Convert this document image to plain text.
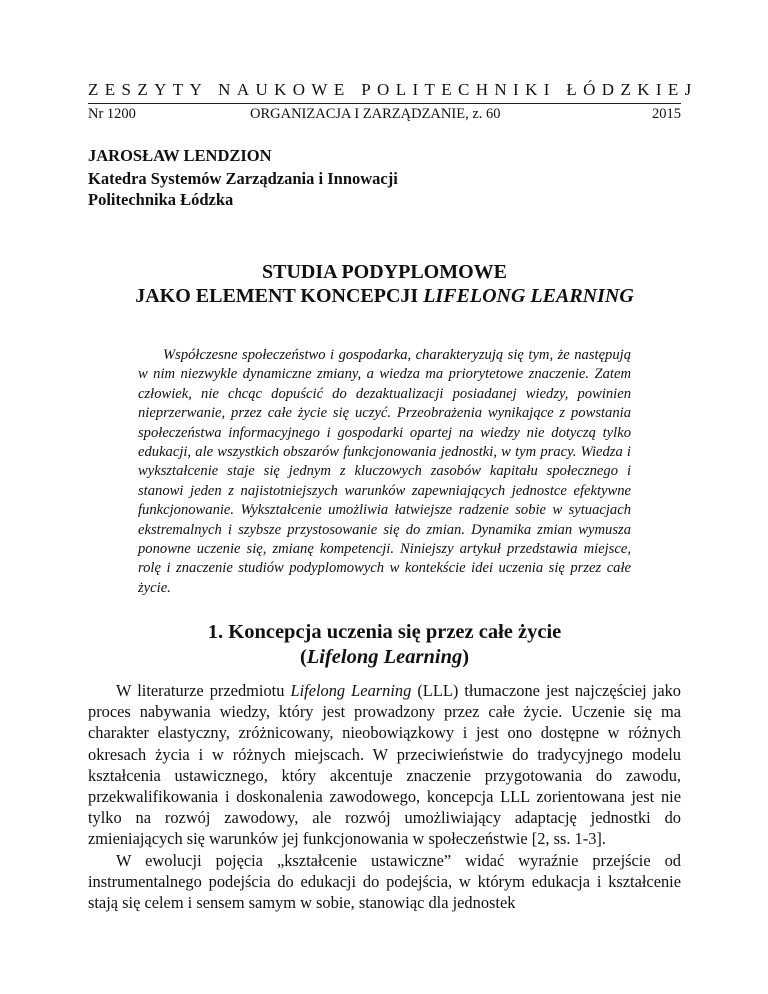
ZESZYTY NAUKOWE POLITECHNIKI ŁÓDZKIEJ
Nr 1200	ORGANIZACJA I ZARZĄDZANIE, z. 60	2015
JAROSŁAW LENDZION
Katedra Systemów Zarządzania i Innowacji
Politechnika Łódzka
STUDIA PODYPLOMOWE
JAKO ELEMENT KONCEPCJI LIFELONG LEARNING

Współczesne społeczeństwo i gospodarka, charakteryzują się tym, że następują w nim niezwykle dynamiczne zmiany, a wiedza ma priorytetowe znaczenie. Zatem człowiek, nie chcąc dopuścić do dezaktualizacji posiadanej wiedzy, powinien nieprzerwanie, przez całe życie się uczyć. Przeobrażenia wynikające z powstania społeczeństwa informacyjnego i gospodarki opartej na wiedzy nie dotyczą tylko edukacji, ale wszystkich obszarów funkcjonowania jednostki, w tym pracy. Wiedza i wykształcenie staje się jednym z kluczowych zasobów kapitału społecznego i stanowi jeden z najistotniejszych warunków zapewniających jednostce efektywne funkcjonowanie. Wykształcenie umożliwia łatwiejsze radzenie sobie w sytuacjach ekstremalnych i szybsze przystosowanie się do zmian. Dynamika zmian wymusza ponowne uczenie się, zmianę kompetencji. Niniejszy artykuł przedstawia miejsce, rolę i znaczenie studiów podyplomowych w kontekście idei uczenia się przez całe życie.

1. Koncepcja uczenia się przez całe życie
(Lifelong Learning)

W literaturze przedmiotu Lifelong Learning (LLL) tłumaczone jest najczęściej jako proces nabywania wiedzy, który jest prowadzony przez całe życie. Uczenie się ma charakter elastyczny, zróżnicowany, nieobowiązkowy i jest ono dostępne w różnych okresach życia i w różnych miejscach. W przeciwieństwie do tradycyjnego modelu kształcenia ustawicznego, który akcentuje znaczenie przygotowania do zawodu, przekwalifikowania i doskonalenia zawodowego, koncepcja LLL zorientowana jest nie tylko na rozwój zawodowy, ale rozwój umożliwiający adaptację jednostki do zmieniających się warunków jej funkcjonowania w społeczeństwie [2, ss. 1-3].

W ewolucji pojęcia „kształcenie ustawiczne” widać wyraźnie przejście od instrumentalnego podejścia do edukacji do podejścia, w którym edukacja i kształcenie stają się celem i sensem samym w sobie, stanowiąc dla jednostek
